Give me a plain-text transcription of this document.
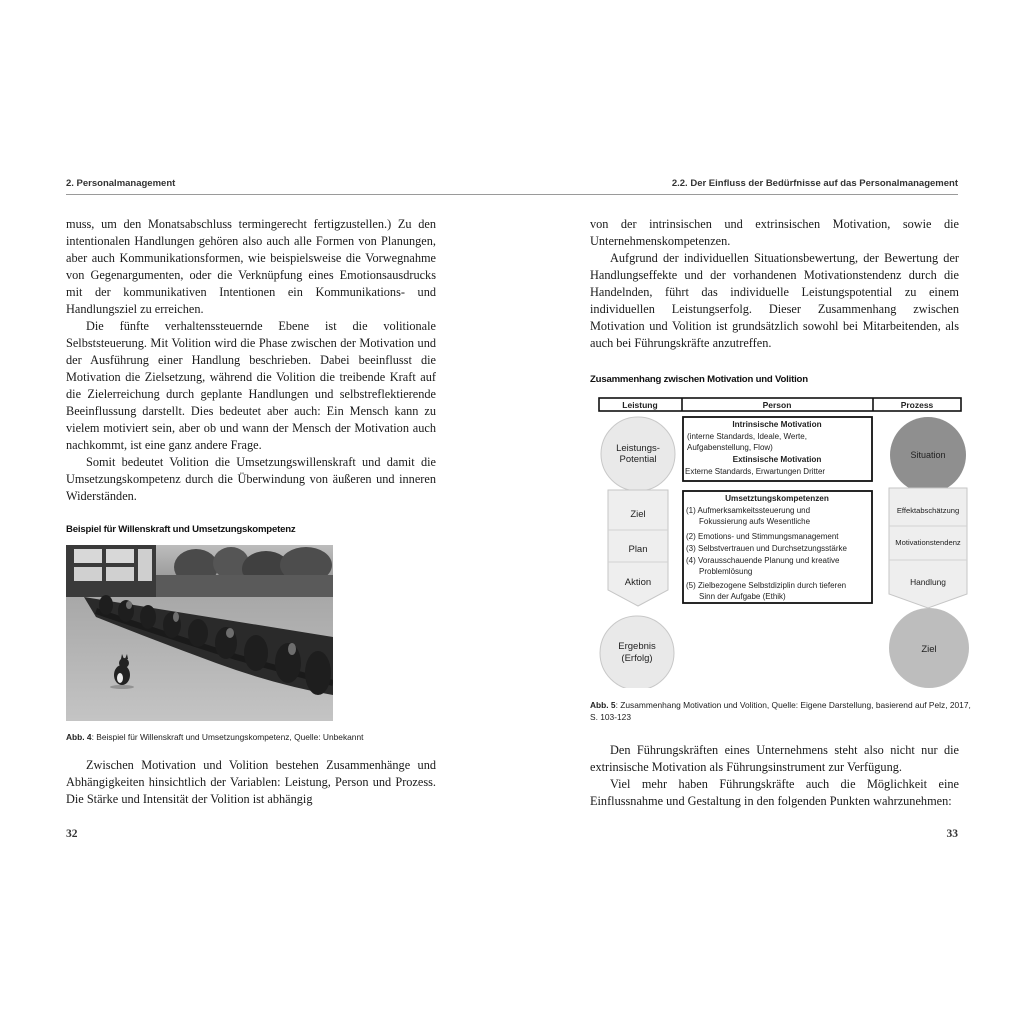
2. Personalmanagement

muss, um den Monatsabschluss termingerecht fertigzustellen.) Zu den intentionalen Handlungen gehören also auch alle Formen von Planungen, aber auch Kommunikationsformen, wie beispielsweise die Vorwegnahme von Gegenargumenten, oder die Verknüpfung eines Emotionsausdrucks mit der kommunikativen Intentionen ein Kommunikations- und Handlungsziel zu erreichen.

Die fünfte verhaltenssteuernde Ebene ist die volitionale Selbststeuerung. Mit Volition wird die Phase zwischen der Motivation und der Ausführung einer Handlung beschrieben. Dabei beeinflusst die Motivation die Zielsetzung, während die Volition die treibende Kraft auf die Zielerreichung durch geplante Handlungen und selbstreflektierende Beeinflussung darstellt. Dies bedeutet aber auch: Ein Mensch kann zu vielem motiviert sein, aber ob und wann der Mensch der Motivation auch nachkommt, ist eine ganz andere Frage.

Somit bedeutet Volition die Umsetzungswillenskraft und damit die Umsetzungskompetenz durch die Überwindung von äußeren und inneren Widerständen.

Beispiel für Willenskraft und Umsetzungskompetenz
Abb. 4: Beispiel für Willenskraft und Umsetzungskompetenz, Quelle: Unbekannt

Zwischen Motivation und Volition bestehen Zusammenhänge und Abhängigkeiten hinsichtlich der Variablen: Leistung, Person und Prozess. Die Stärke und Intensität der Volition ist abhängig

32
2.2. Der Einfluss der Bedürfnisse auf das Personalmanagement

von der intrinsischen und extrinsischen Motivation, sowie die Unternehmenskompetenzen.

Aufgrund der individuellen Situationsbewertung, der Bewertung der Handlungseffekte und der vorhandenen Motivationstendenz durch die Handelnden, führt das individuelle Leistungspotential zu einem individuellen Leistungserfolg. Dieser Zusammenhang zwischen Motivation und Volition ist grundsätzlich sowohl bei Mitarbeitenden, als auch bei Führungskräfte anzutreffen.

Zusammenhang zwischen Motivation und Volition
Leistung	Person	Prozess
Leistungs-
Potential
Ziel
Plan
Aktion
Ergebnis
(Erfolg)
Intrinsische Motivation
(interne Standards, Ideale, Werte,
Aufgabenstellung, Flow)
Extinsische Motivation
Externe Standards, Erwartungen Dritter
Umsetztungskompetenzen
(1) Aufmerksamkeitssteuerung und
Fokussierung aufs Wesentliche
(2) Emotions- und Stimmungsmanagement
(3) Selbstvertrauen und Durchsetzungsstärke
(4) Vorausschauende Planung und kreative
Problemlösung
(5) Zielbezogene Selbstdiziplin durch tieferen
Sinn der Aufgabe (Ethik)
Situation
Effektabschätzung
Motivationstendenz
Handlung
Ziel
Abb. 5: Zusammenhang Motivation und Volition, Quelle: Eigene Darstellung, basierend auf Pelz, 2017, S. 103-123

Den Führungskräften eines Unternehmens steht also nicht nur die extrinsische Motivation als Führungsinstrument zur Verfügung.

Viel mehr haben Führungskräfte auch die Möglichkeit eine Einflussnahme und Gestaltung in den folgenden Punkten wahrzunehmen:

33
